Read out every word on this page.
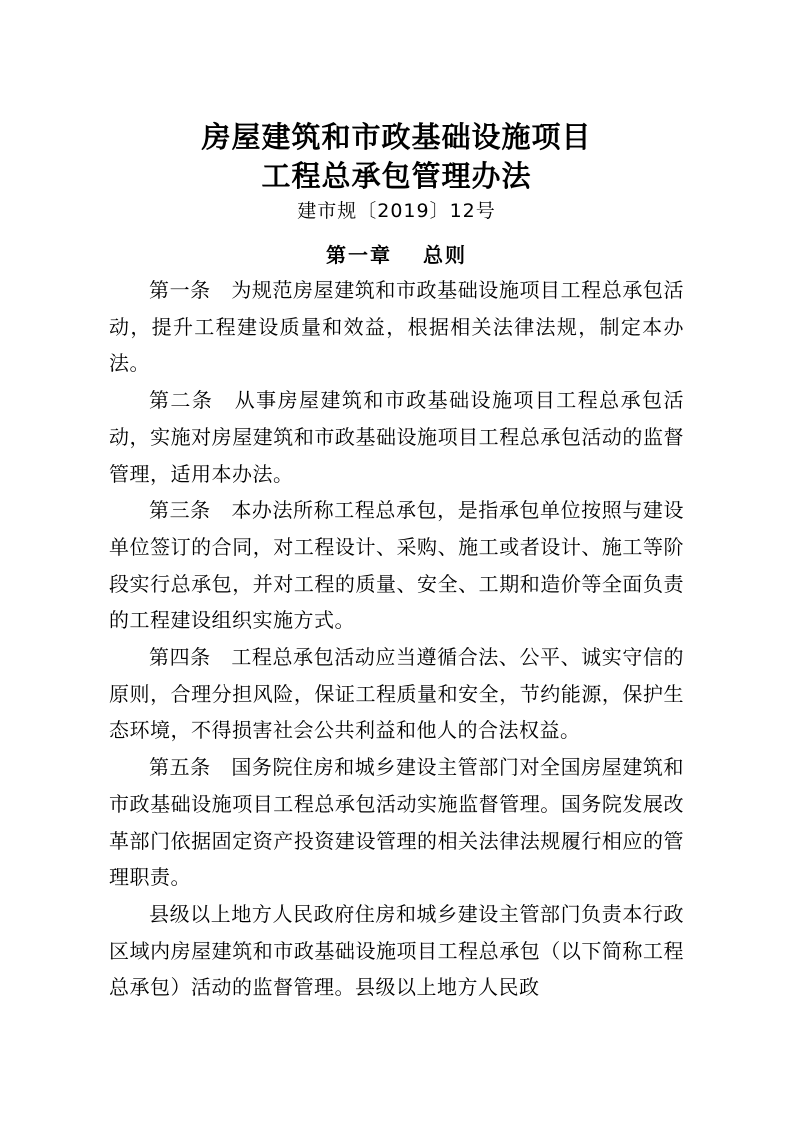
房屋建筑和市政基础设施项目
工程总承包管理办法
建市规〔2019〕12号
第一章　 总则

第一条　为规范房屋建筑和市政基础设施项目工程总承包活动，提升工程建设质量和效益，根据相关法律法规，制定本办法。

第二条　从事房屋建筑和市政基础设施项目工程总承包活动，实施对房屋建筑和市政基础设施项目工程总承包活动的监督管理，适用本办法。

第三条　本办法所称工程总承包，是指承包单位按照与建设单位签订的合同，对工程设计、采购、施工或者设计、施工等阶段实行总承包，并对工程的质量、安全、工期和造价等全面负责的工程建设组织实施方式。

第四条　工程总承包活动应当遵循合法、公平、诚实守信的原则，合理分担风险，保证工程质量和安全，节约能源，保护生态环境，不得损害社会公共利益和他人的合法权益。

第五条　国务院住房和城乡建设主管部门对全国房屋建筑和市政基础设施项目工程总承包活动实施监督管理。国务院发展改革部门依据固定资产投资建设管理的相关法律法规履行相应的管理职责。

县级以上地方人民政府住房和城乡建设主管部门负责本行政区域内房屋建筑和市政基础设施项目工程总承包（以下简称工程总承包）活动的监督管理。县级以上地方人民政
